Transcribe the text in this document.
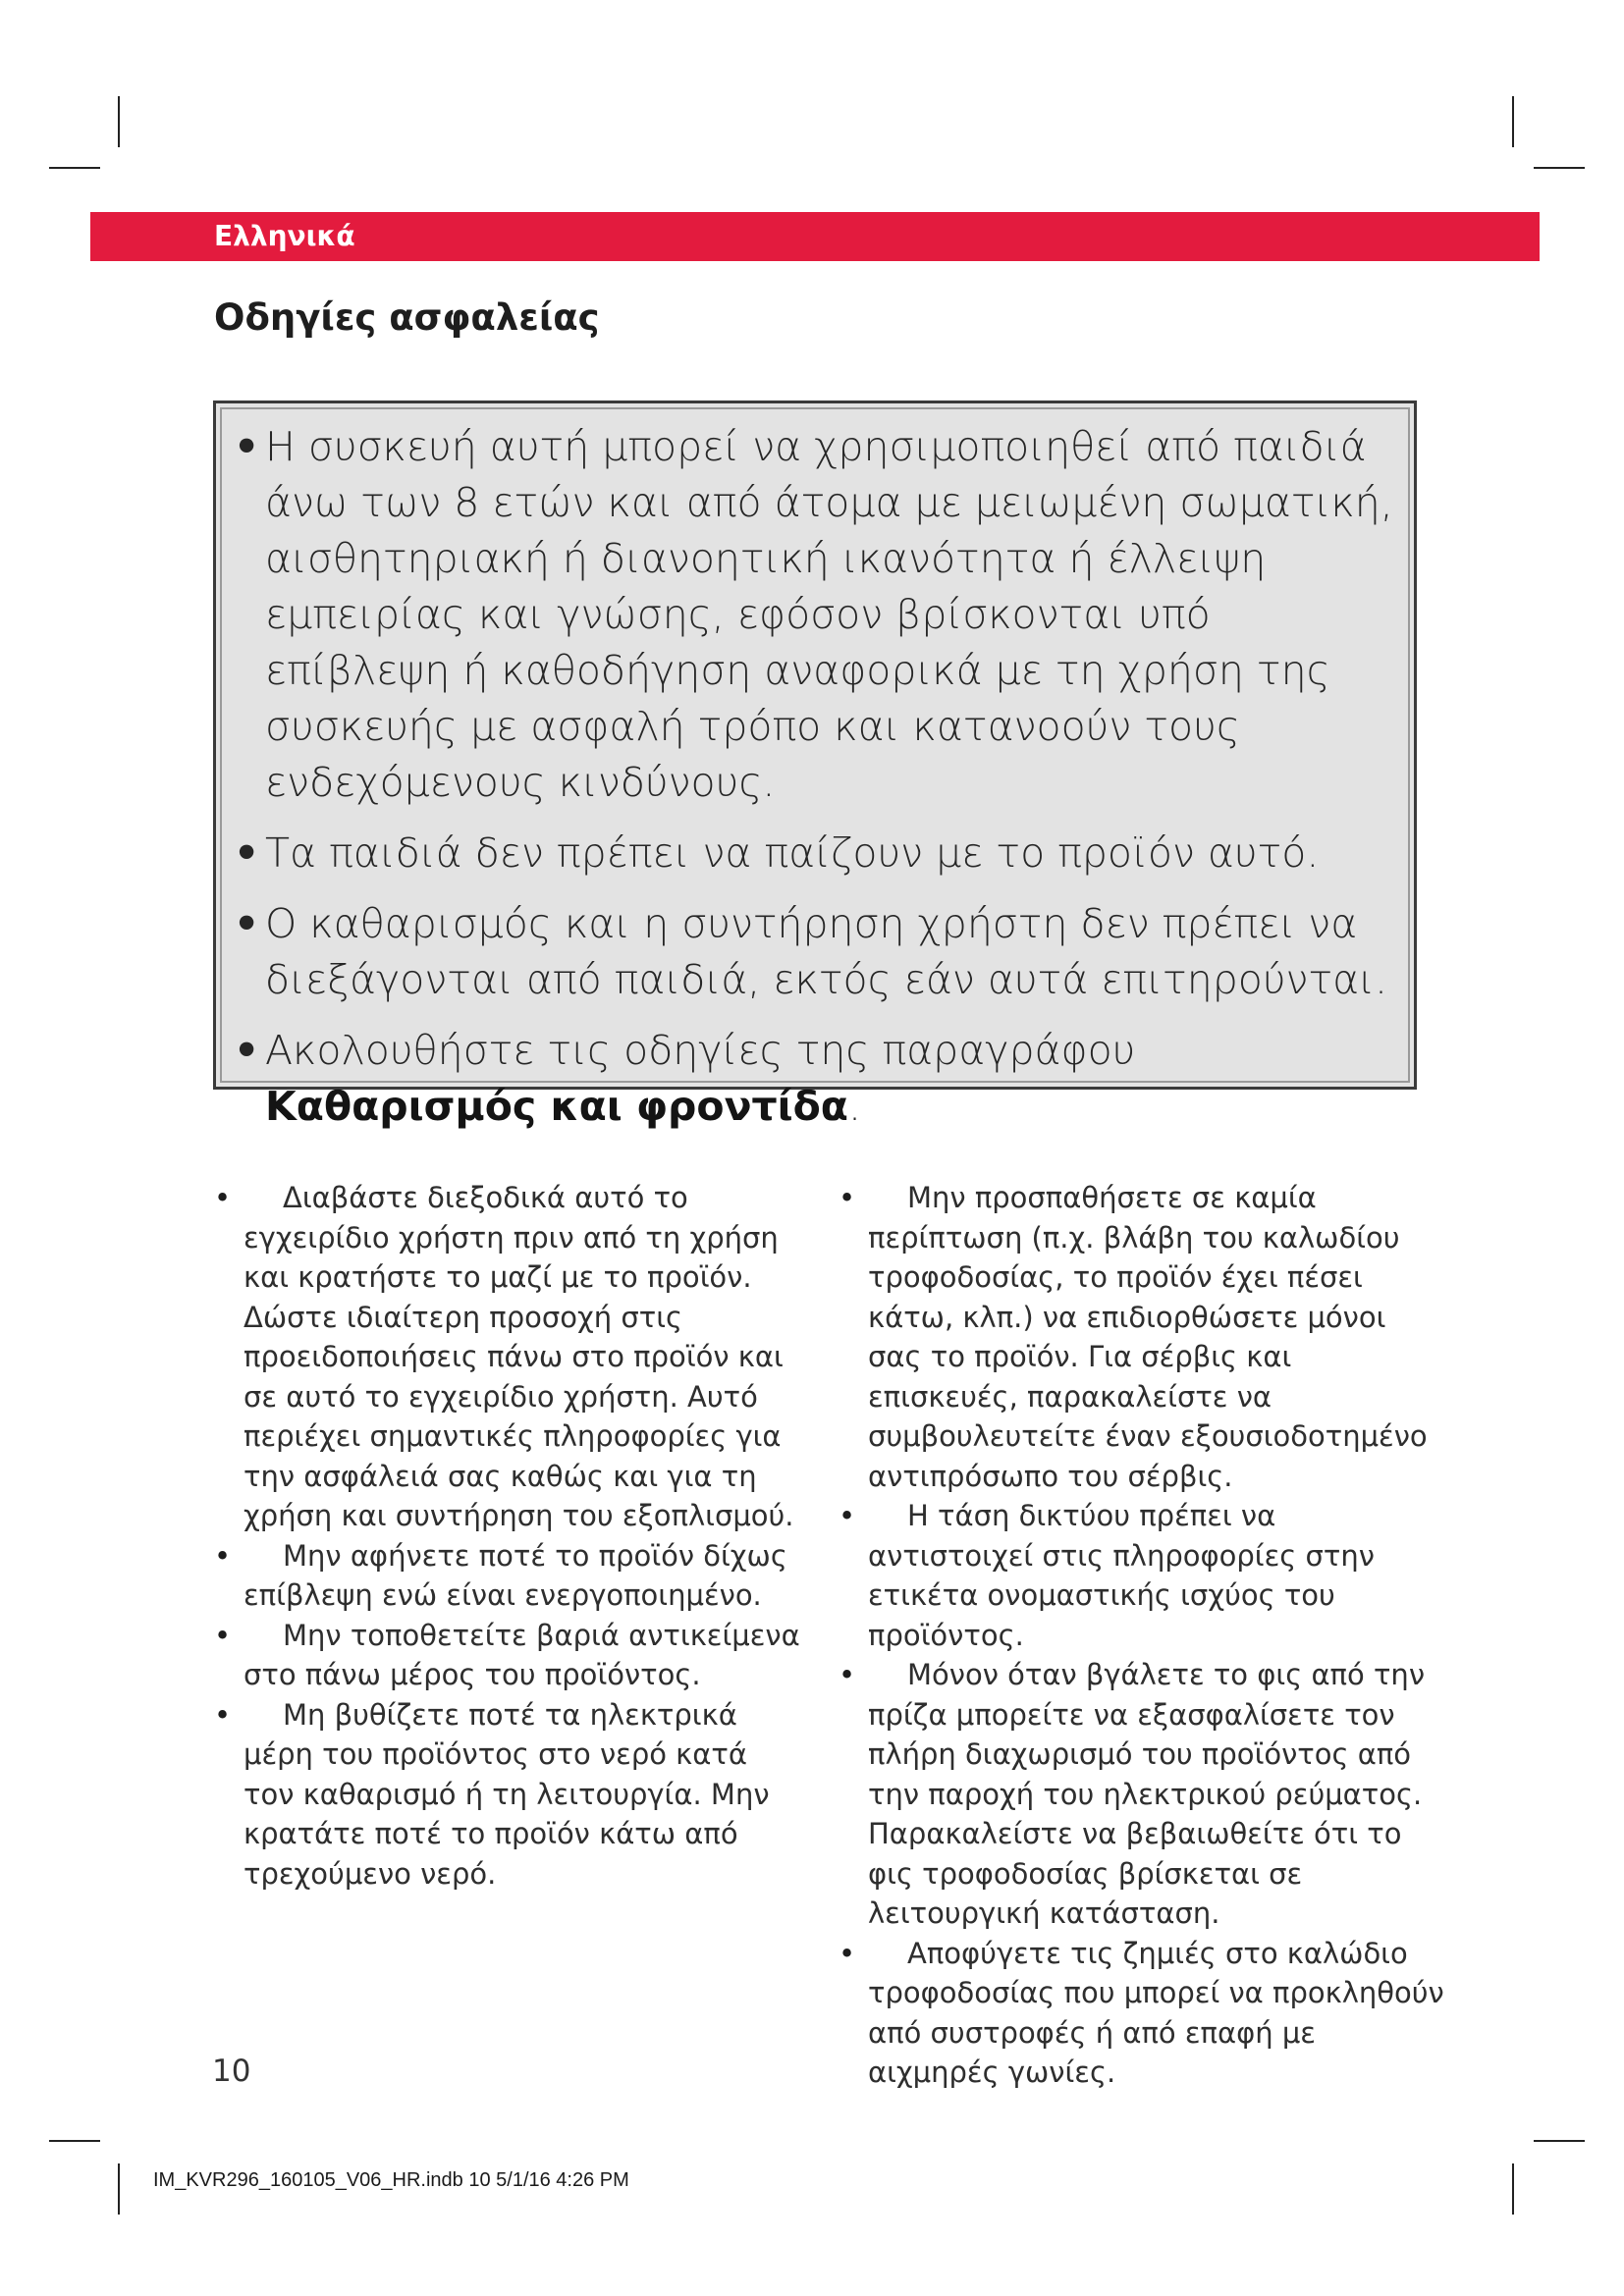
Ελληνικά
Οδηγίες ασφαλείας
• Η συσκευή αυτή μπορεί να χρησιμοποιηθεί από παιδιά άνω των 8 ετών και από άτομα με μειωμένη σωματική, αισθητηριακή ή διανοητική ικανότητα ή έλλειψη εμπειρίας και γνώσης, εφόσον βρίσκονται υπό επίβλεψη ή καθοδήγηση αναφορικά με τη χρήση της συσκευής με ασφαλή τρόπο και κατανοούν τους ενδεχόμενους κινδύνους.
• Τα παιδιά δεν πρέπει να παίζουν με το προϊόν αυτό.
• Ο καθαρισμός και η συντήρηση χρήστη δεν πρέπει να διεξάγονται από παιδιά, εκτός εάν αυτά επιτηρούνται.
• Ακολουθήστε τις οδηγίες της παραγράφου Καθαρισμός και φροντίδα.
• Διαβάστε διεξοδικά αυτό το εγχειρίδιο χρήστη πριν από τη χρήση και κρατήστε το μαζί με το προϊόν. Δώστε ιδιαίτερη προσοχή στις προειδοποιήσεις πάνω στο προϊόν και σε αυτό το εγχειρίδιο χρήστη. Αυτό περιέχει σημαντικές πληροφορίες για την ασφάλειά σας καθώς και για τη χρήση και συντήρηση του εξοπλισμού.
• Μην αφήνετε ποτέ το προϊόν δίχως επίβλεψη ενώ είναι ενεργοποιημένο.
• Μην τοποθετείτε βαριά αντικείμενα στο πάνω μέρος του προϊόντος.
• Μη βυθίζετε ποτέ τα ηλεκτρικά μέρη του προϊόντος στο νερό κατά τον καθαρισμό ή τη λειτουργία. Μην κρατάτε ποτέ το προϊόν κάτω από τρεχούμενο νερό.
• Μην προσπαθήσετε σε καμία περίπτωση (π.χ. βλάβη του καλωδίου τροφοδοσίας, το προϊόν έχει πέσει κάτω, κλπ.) να επιδιορθώσετε μόνοι σας το προϊόν. Για σέρβις και επισκευές, παρακαλείστε να συμβουλευτείτε έναν εξουσιοδοτημένο αντιπρόσωπο του σέρβις.
• Η τάση δικτύου πρέπει να αντιστοιχεί στις πληροφορίες στην ετικέτα ονομαστικής ισχύος του προϊόντος.
• Μόνον όταν βγάλετε το φις από την πρίζα μπορείτε να εξασφαλίσετε τον πλήρη διαχωρισμό του προϊόντος από την παροχή του ηλεκτρικού ρεύματος. Παρακαλείστε να βεβαιωθείτε ότι το φις τροφοδοσίας βρίσκεται σε λειτουργική κατάσταση.
• Αποφύγετε τις ζημιές στο καλώδιο τροφοδοσίας που μπορεί να προκληθούν από συστροφές ή από επαφή με αιχμηρές γωνίες.
10
IM_KVR296_160105_V06_HR.indb 10 5/1/16 4:26 PM
